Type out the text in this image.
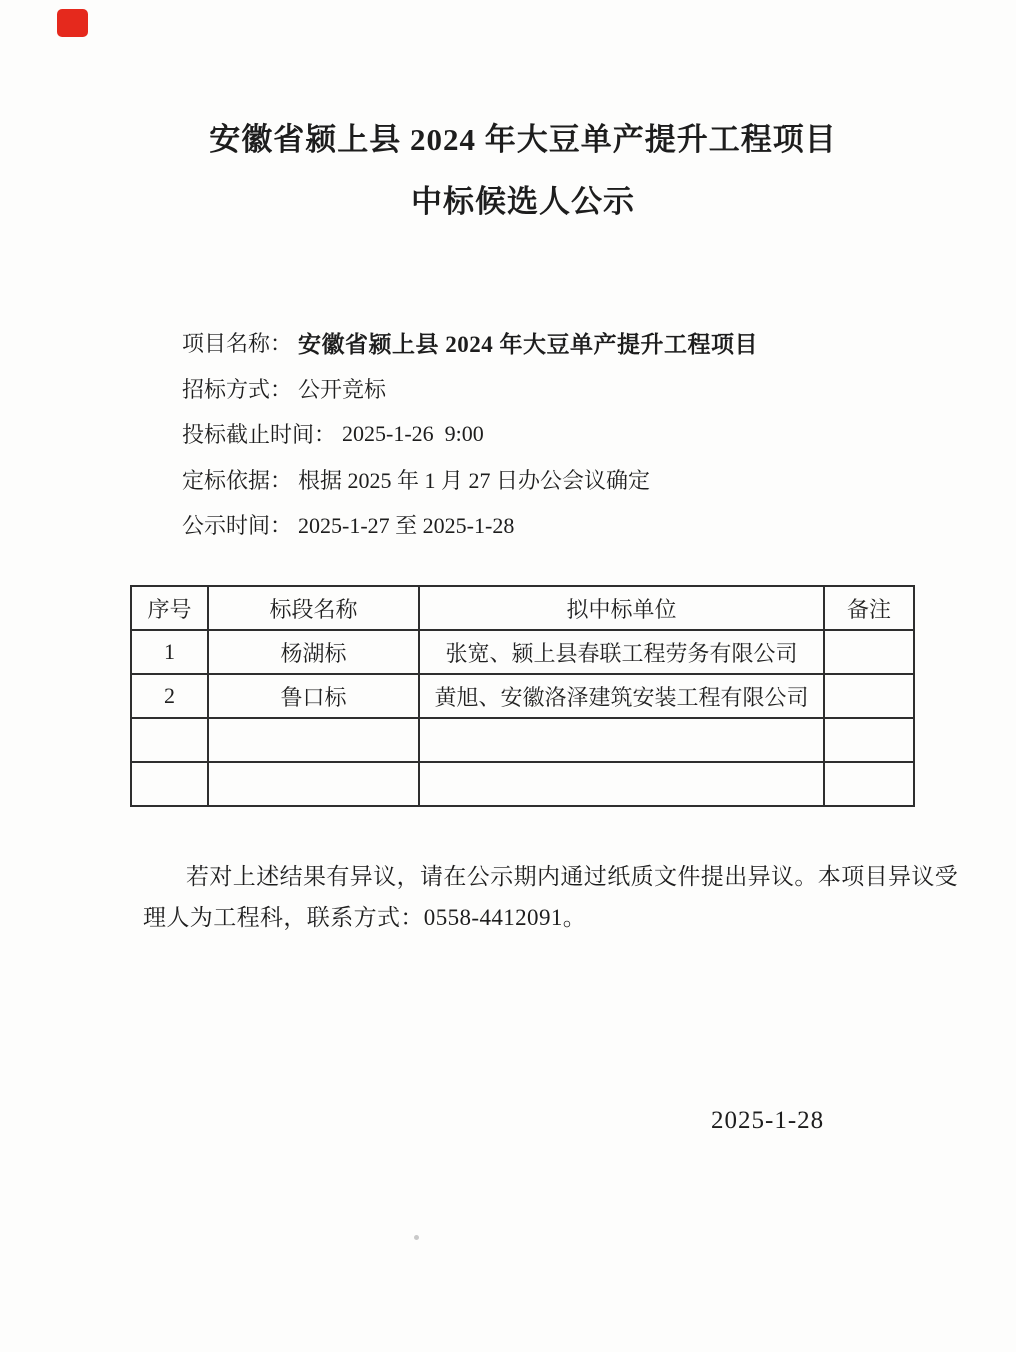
安徽省颍上县 2024 年大豆单产提升工程项目
中标候选人公示
项目名称： 安徽省颍上县 2024 年大豆单产提升工程项目
招标方式： 公开竞标
投标截止时间： 2025-1-26  9:00
定标依据： 根据 2025 年 1 月 27 日办公会议确定
公示时间： 2025-1-27 至 2025-1-28
序号	标段名称	拟中标单位	备注
1	杨湖标	张宽、颍上县春联工程劳务有限公司	
2	鲁口标	黄旭、安徽洛泽建筑安装工程有限公司	

若对上述结果有异议，请在公示期内通过纸质文件提出异议。本项目异议受
理人为工程科，联系方式：0558-4412091。
2025-1-28
